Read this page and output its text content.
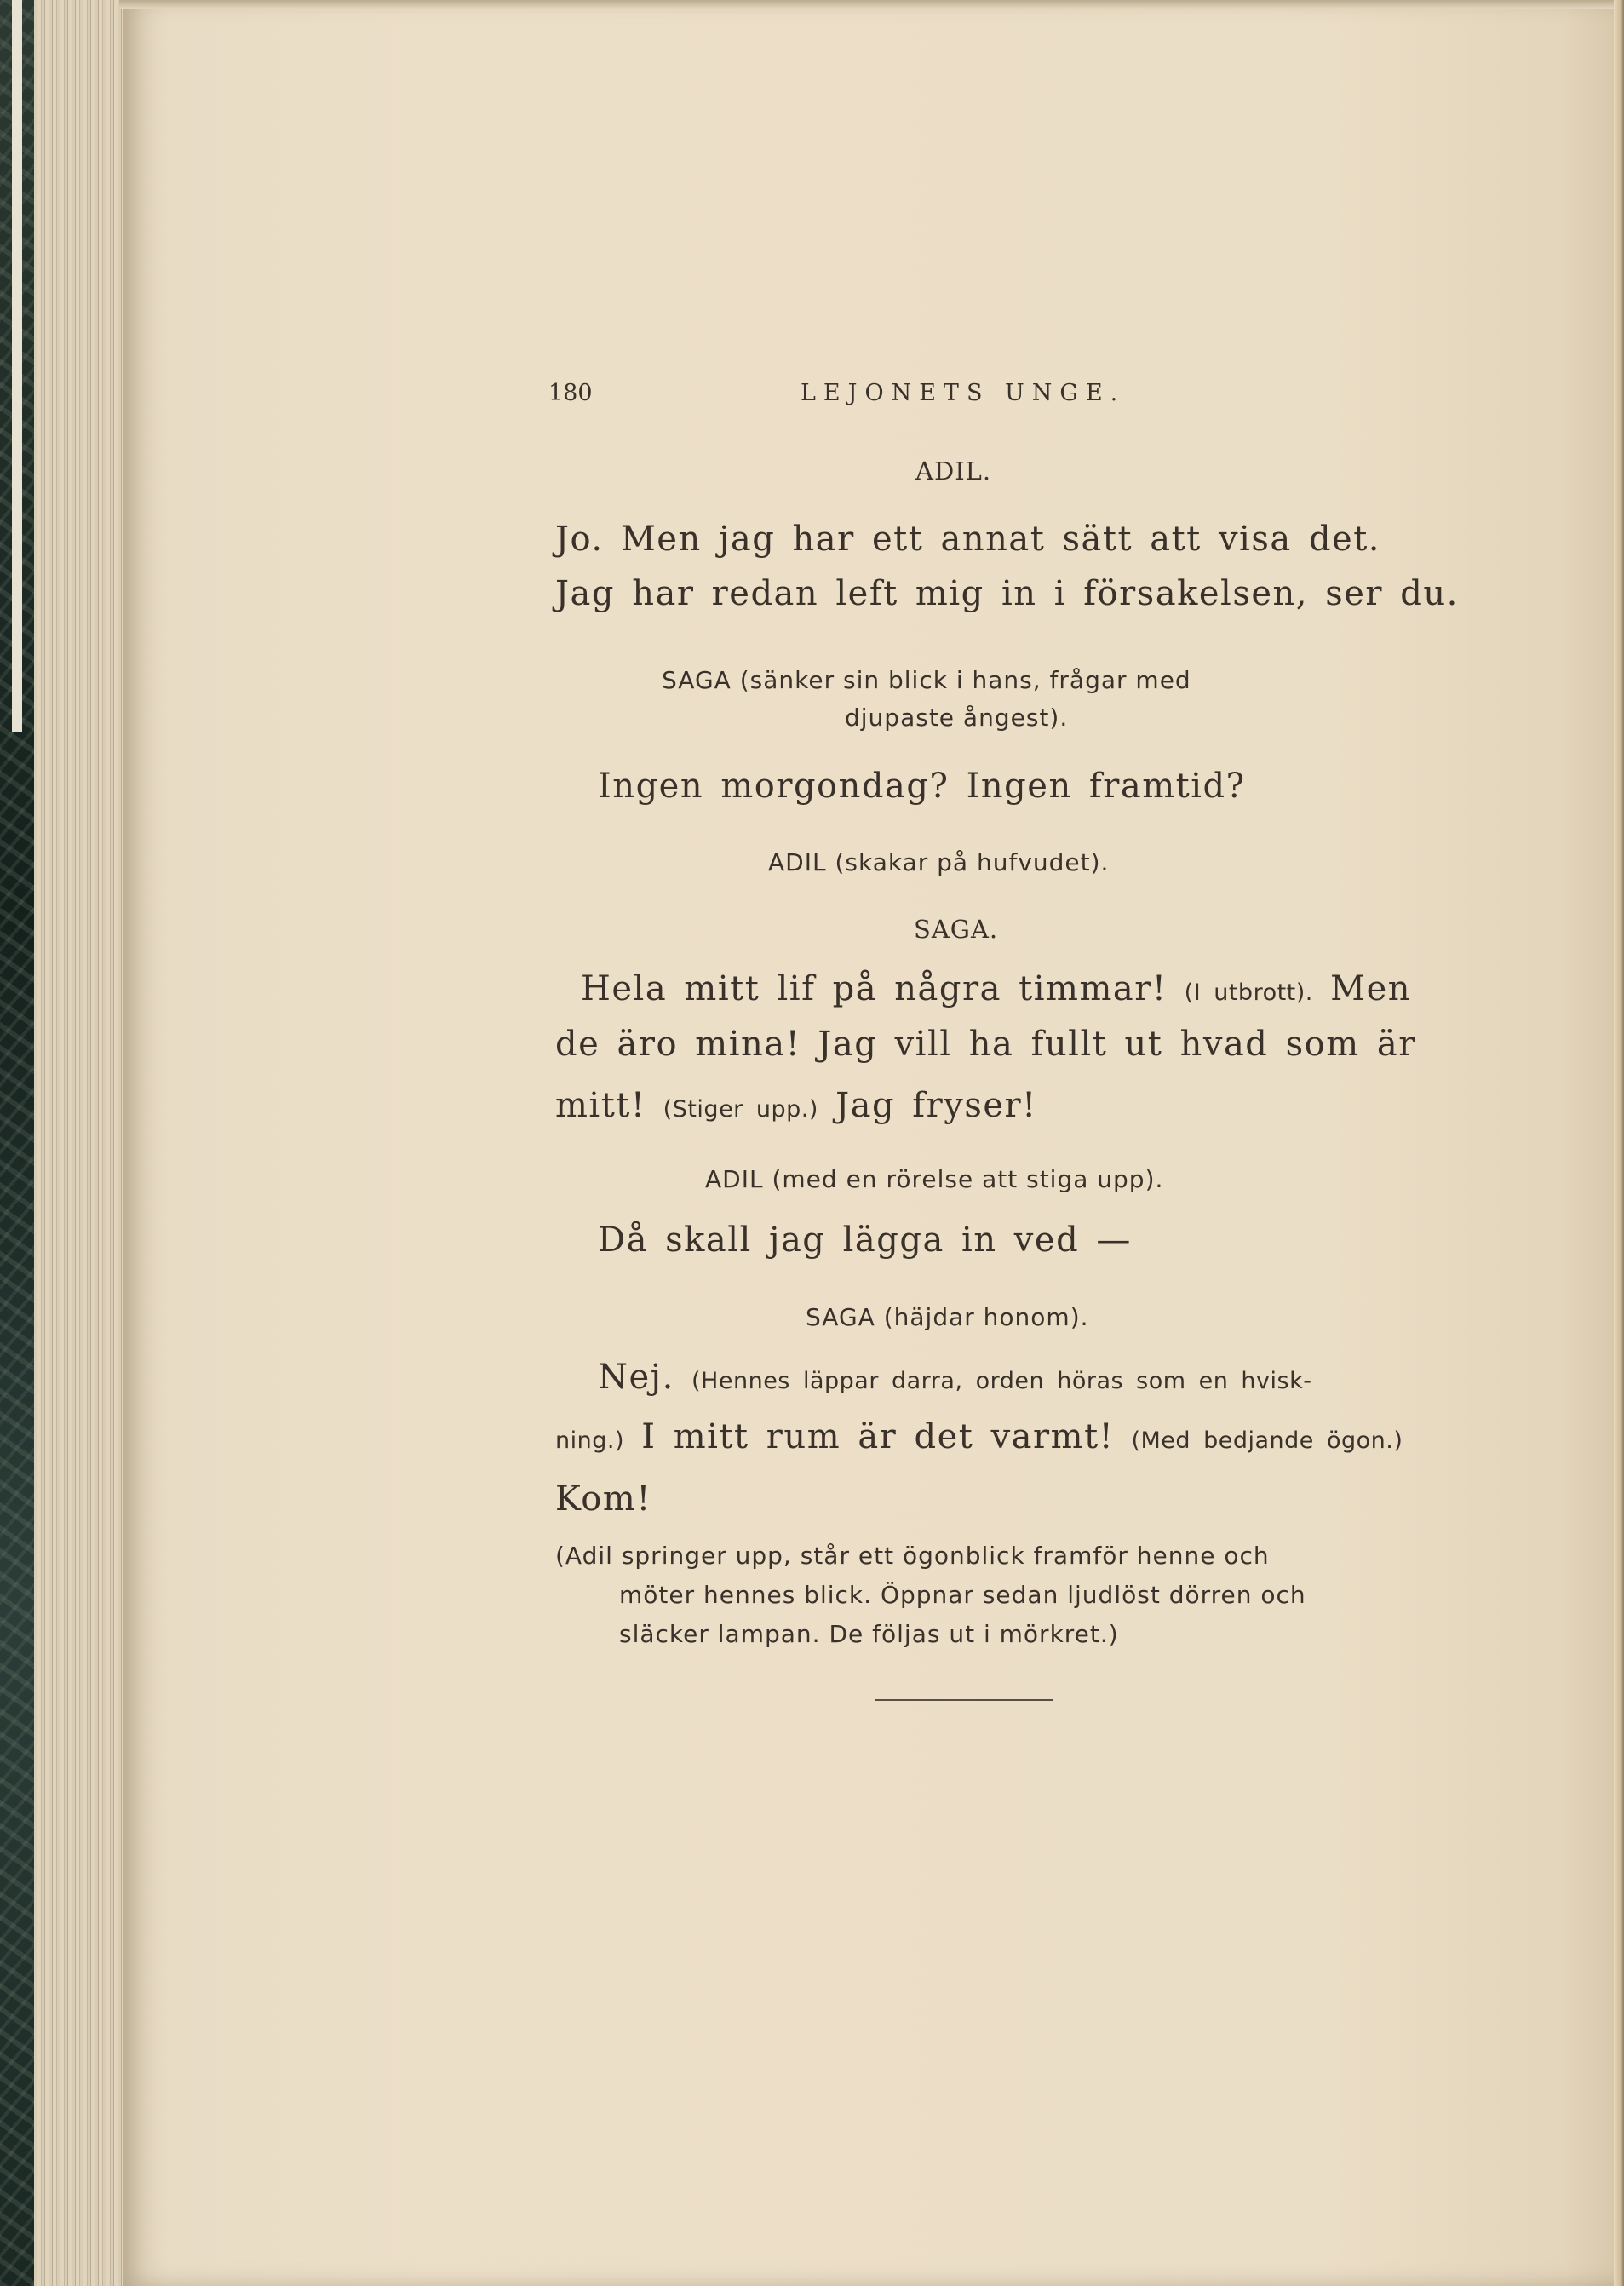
180	LEJONETS UNGE.
ADIL.
Jo. Men jag har ett annat sätt att visa det.
Jag har redan left mig in i försakelsen, ser du.
SAGA (sänker sin blick i hans, frågar med
djupaste ångest).
Ingen morgondag? Ingen framtid?
ADIL (skakar på hufvudet).
SAGA.
Hela mitt lif på några timmar! (I utbrott). Men
de äro mina! Jag vill ha fullt ut hvad som är
mitt! (Stiger upp.) Jag fryser!
ADIL (med en rörelse att stiga upp).
Då skall jag lägga in ved —
SAGA (häjdar honom).
Nej. (Hennes läppar darra, orden höras som en hvisk-
ning.) I mitt rum är det varmt! (Med bedjande ögon.)
Kom!
(Adil springer upp, står ett ögonblick framför henne och
möter hennes blick. Öppnar sedan ljudlöst dörren och
släcker lampan. De följas ut i mörkret.)
